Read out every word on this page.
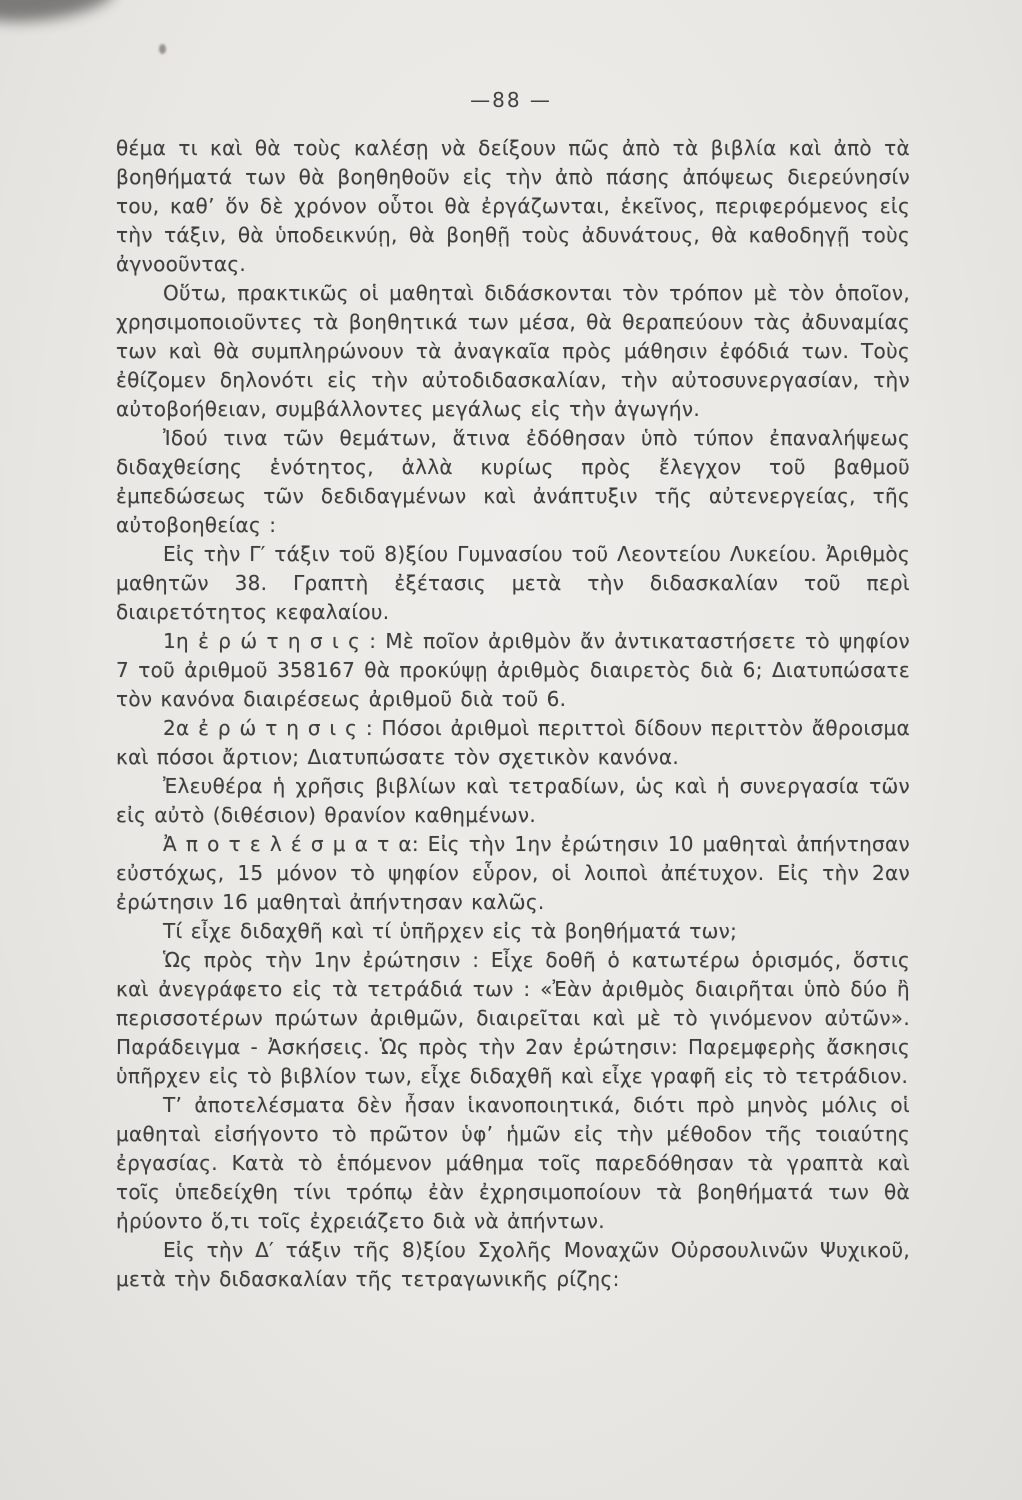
—88 —

θέμα τι καὶ θὰ τοὺς καλέσῃ νὰ δείξουν πῶς ἀπὸ τὰ βιβλία καὶ ἀπὸ τὰ βοηθήματά των θὰ βοηθηθοῦν εἰς τὴν ἀπὸ πάσης ἀπόψεως διερεύνησίν του, καθ’ ὅν δὲ χρόνον οὗτοι θὰ ἐργάζωνται, ἐκεῖνος, περιφερόμενος εἰς τὴν τάξιν, θὰ ὑποδεικνύῃ, θὰ βοηθῇ τοὺς ἀδυνάτους, θὰ καθοδηγῇ τοὺς ἀγνοοῦντας.

Οὕτω, πρακτικῶς οἱ μαθηταὶ διδάσκονται τὸν τρόπον μὲ τὸν ὁποῖον, χρησιμοποιοῦντες τὰ βοηθητικά των μέσα, θὰ θεραπεύουν τὰς ἀδυναμίας των καὶ θὰ συμπληρώνουν τὰ ἀναγκαῖα πρὸς μάθησιν ἐφόδιά των. Τοὺς ἐθίζομεν δηλονότι εἰς τὴν αὐτοδιδασκαλίαν, τὴν αὐτοσυνεργασίαν, τὴν αὐτοβοήθειαν, συμβάλλοντες μεγάλως εἰς τὴν ἀγωγήν.

Ἰδού τινα τῶν θεμάτων, ἅτινα ἐδόθησαν ὑπὸ τύπον ἐπαναλήψεως διδαχθείσης ἑνότητος, ἀλλὰ κυρίως πρὸς ἔλεγχον τοῦ βαθμοῦ ἐμπεδώσεως τῶν δεδιδαγμένων καὶ ἀνάπτυξιν τῆς αὐτενεργείας, τῆς αὐτοβοηθείας :

Εἰς τὴν Γ′ τάξιν τοῦ 8)ξίου Γυμνασίου τοῦ Λεοντείου Λυκείου. Ἀριθμὸς μαθητῶν 38. Γραπτὴ ἐξέτασις μετὰ τὴν διδασκαλίαν τοῦ περὶ διαιρετότητος κεφαλαίου.

1η ἐ ρ ώ τ η σ ι ς : Μὲ ποῖον ἀριθμὸν ἄν ἀντικαταστήσετε τὸ ψηφίον 7 τοῦ ἀριθμοῦ 358167 θὰ προκύψῃ ἀριθμὸς διαιρετὸς διὰ 6; Διατυπώσατε τὸν κανόνα διαιρέσεως ἀριθμοῦ διὰ τοῦ 6.

2α ἐ ρ ώ τ η σ ι ς : Πόσοι ἀριθμοὶ περιττοὶ δίδουν περιττὸν ἄθροισμα καὶ πόσοι ἄρτιον; Διατυπώσατε τὸν σχετικὸν κανόνα.

Ἐλευθέρα ἡ χρῆσις βιβλίων καὶ τετραδίων, ὡς καὶ ἡ συνεργασία τῶν εἰς αὐτὸ (διθέσιον) θρανίον καθημένων.

Ἀ π ο τ ε λ έ σ μ α τ α: Εἰς τὴν 1ην ἐρώτησιν 10 μαθηταὶ ἀπήντησαν εὐστόχως, 15 μόνον τὸ ψηφίον εὗρον, οἱ λοιποὶ ἀπέτυχον. Εἰς τὴν 2αν ἐρώτησιν 16 μαθηταὶ ἀπήντησαν καλῶς.

Τί εἶχε διδαχθῆ καὶ τί ὑπῆρχεν εἰς τὰ βοηθήματά των;

Ὡς πρὸς τὴν 1ην ἐρώτησιν : Εἶχε δοθῆ ὁ κατωτέρω ὁρισμός, ὅστις καὶ ἀνεγράφετο εἰς τὰ τετράδιά των : «Ἐὰν ἀριθμὸς διαιρῆται ὑπὸ δύο ἢ περισσοτέρων πρώτων ἀριθμῶν, διαιρεῖται καὶ μὲ τὸ γινόμενον αὐτῶν». Παράδειγμα - Ἀσκήσεις. Ὡς πρὸς τὴν 2αν ἐρώτησιν: Παρεμφερὴς ἄσκησις ὑπῆρχεν εἰς τὸ βιβλίον των, εἶχε διδαχθῆ καὶ εἶχε γραφῆ εἰς τὸ τετράδιον.

Τ’ ἀποτελέσματα δὲν ἦσαν ἱκανοποιητικά, διότι πρὸ μηνὸς μόλις οἱ μαθηταὶ εἰσήγοντο τὸ πρῶτον ὑφ’ ἡμῶν εἰς τὴν μέθοδον τῆς τοιαύτης ἐργασίας. Κατὰ τὸ ἑπόμενον μάθημα τοῖς παρεδόθησαν τὰ γραπτὰ καὶ τοῖς ὑπεδείχθη τίνι τρόπῳ ἐὰν ἐχρησιμοποίουν τὰ βοηθήματά των θὰ ἠρύοντο ὅ,τι τοῖς ἐχρειάζετο διὰ νὰ ἀπήντων.

Εἰς τὴν Δ′ τάξιν τῆς 8)ξίου Σχολῆς Μοναχῶν Οὐρσουλινῶν Ψυχικοῦ, μετὰ τὴν διδασκαλίαν τῆς τετραγωνικῆς ρίζης:
